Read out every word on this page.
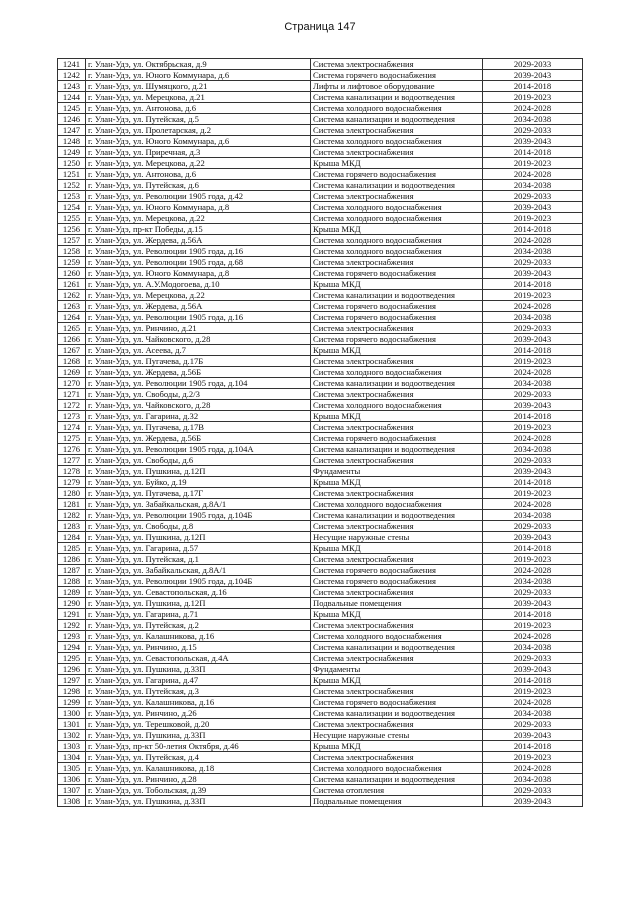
Страница 147
1241	г. Улан-Удэ, ул. Октябрьская, д.9	Система электроснабжения	2029-2033
1242	г. Улан-Удэ, ул. Юного Коммунара, д.6	Система горячего водоснабжения	2039-2043
1243	г. Улан-Удэ, ул. Шумяцкого, д.21	Лифты и лифтовое оборудование	2014-2018
1244	г. Улан-Удэ, ул. Мерецкова, д.21	Система канализации и водоотведения	2019-2023
1245	г. Улан-Удэ, ул. Антонова, д.6	Система холодного водоснабжения	2024-2028
1246	г. Улан-Удэ, ул. Путейская, д.5	Система канализации и водоотведения	2034-2038
1247	г. Улан-Удэ, ул. Пролетарская, д.2	Система электроснабжения	2029-2033
1248	г. Улан-Удэ, ул. Юного Коммунара, д.6	Система холодного водоснабжения	2039-2043
1249	г. Улан-Удэ, ул. Приречная, д.3	Система электроснабжения	2014-2018
1250	г. Улан-Удэ, ул. Мерецкова, д.22	Крыша МКД	2019-2023
1251	г. Улан-Удэ, ул. Антонова, д.6	Система горячего водоснабжения	2024-2028
1252	г. Улан-Удэ, ул. Путейская, д.6	Система канализации и водоотведения	2034-2038
1253	г. Улан-Удэ, ул. Революции 1905 года, д.42	Система электроснабжения	2029-2033
1254	г. Улан-Удэ, ул. Юного Коммунара, д.8	Система холодного водоснабжения	2039-2043
1255	г. Улан-Удэ, ул. Мерецкова, д.22	Система холодного водоснабжения	2019-2023
1256	г. Улан-Удэ, пр-кт Победы, д.15	Крыша МКД	2014-2018
1257	г. Улан-Удэ, ул. Жердева, д.56А	Система холодного водоснабжения	2024-2028
1258	г. Улан-Удэ, ул. Революции 1905 года, д.16	Система холодного водоснабжения	2034-2038
1259	г. Улан-Удэ, ул. Революции 1905 года, д.68	Система электроснабжения	2029-2033
1260	г. Улан-Удэ, ул. Юного Коммунара, д.8	Система горячего водоснабжения	2039-2043
1261	г. Улан-Удэ, ул. А.У.Модогоева, д.10	Крыша МКД	2014-2018
1262	г. Улан-Удэ, ул. Мерецкова, д.22	Система канализации и водоотведения	2019-2023
1263	г. Улан-Удэ, ул. Жердева, д.56А	Система горячего водоснабжения	2024-2028
1264	г. Улан-Удэ, ул. Революции 1905 года, д.16	Система горячего водоснабжения	2034-2038
1265	г. Улан-Удэ, ул. Ринчино, д.21	Система электроснабжения	2029-2033
1266	г. Улан-Удэ, ул. Чайковского, д.28	Система горячего водоснабжения	2039-2043
1267	г. Улан-Удэ, ул. Асеева, д.7	Крыша МКД	2014-2018
1268	г. Улан-Удэ, ул. Пугачева, д.17Б	Система электроснабжения	2019-2023
1269	г. Улан-Удэ, ул. Жердева, д.56Б	Система холодного водоснабжения	2024-2028
1270	г. Улан-Удэ, ул. Революции 1905 года, д.104	Система канализации и водоотведения	2034-2038
1271	г. Улан-Удэ, ул. Свободы, д.2/3	Система электроснабжения	2029-2033
1272	г. Улан-Удэ, ул. Чайковского, д.28	Система холодного водоснабжения	2039-2043
1273	г. Улан-Удэ, ул. Гагарина, д.32	Крыша МКД	2014-2018
1274	г. Улан-Удэ, ул. Пугачева, д.17В	Система электроснабжения	2019-2023
1275	г. Улан-Удэ, ул. Жердева, д.56Б	Система горячего водоснабжения	2024-2028
1276	г. Улан-Удэ, ул. Революции 1905 года, д.104А	Система канализации и водоотведения	2034-2038
1277	г. Улан-Удэ, ул. Свободы, д.6	Система электроснабжения	2029-2033
1278	г. Улан-Удэ, ул. Пушкина, д.12П	Фундаменты	2039-2043
1279	г. Улан-Удэ, ул. Буйко, д.19	Крыша МКД	2014-2018
1280	г. Улан-Удэ, ул. Пугачева, д.17Г	Система электроснабжения	2019-2023
1281	г. Улан-Удэ, ул. Забайкальская, д.8А/1	Система холодного водоснабжения	2024-2028
1282	г. Улан-Удэ, ул. Революции 1905 года, д.104Б	Система канализации и водоотведения	2034-2038
1283	г. Улан-Удэ, ул. Свободы, д.8	Система электроснабжения	2029-2033
1284	г. Улан-Удэ, ул. Пушкина, д.12П	Несущие наружные стены	2039-2043
1285	г. Улан-Удэ, ул. Гагарина, д.57	Крыша МКД	2014-2018
1286	г. Улан-Удэ, ул. Путейская, д.1	Система электроснабжения	2019-2023
1287	г. Улан-Удэ, ул. Забайкальская, д.8А/1	Система горячего водоснабжения	2024-2028
1288	г. Улан-Удэ, ул. Революции 1905 года, д.104Б	Система горячего водоснабжения	2034-2038
1289	г. Улан-Удэ, ул. Севастопольская, д.16	Система электроснабжения	2029-2033
1290	г. Улан-Удэ, ул. Пушкина, д.12П	Подвальные помещения	2039-2043
1291	г. Улан-Удэ, ул. Гагарина, д.71	Крыша МКД	2014-2018
1292	г. Улан-Удэ, ул. Путейская, д.2	Система электроснабжения	2019-2023
1293	г. Улан-Удэ, ул. Калашникова, д.16	Система холодного водоснабжения	2024-2028
1294	г. Улан-Удэ, ул. Ринчино, д.15	Система канализации и водоотведения	2034-2038
1295	г. Улан-Удэ, ул. Севастопольская, д.4А	Система электроснабжения	2029-2033
1296	г. Улан-Удэ, ул. Пушкина, д.33П	Фундаменты	2039-2043
1297	г. Улан-Удэ, ул. Гагарина, д.47	Крыша МКД	2014-2018
1298	г. Улан-Удэ, ул. Путейская, д.3	Система электроснабжения	2019-2023
1299	г. Улан-Удэ, ул. Калашникова, д.16	Система горячего водоснабжения	2024-2028
1300	г. Улан-Удэ, ул. Ринчино, д.26	Система канализации и водоотведения	2034-2038
1301	г. Улан-Удэ, ул. Терешковой, д.20	Система электроснабжения	2029-2033
1302	г. Улан-Удэ, ул. Пушкина, д.33П	Несущие наружные стены	2039-2043
1303	г. Улан-Удэ, пр-кт 50-летия Октября, д.46	Крыша МКД	2014-2018
1304	г. Улан-Удэ, ул. Путейская, д.4	Система электроснабжения	2019-2023
1305	г. Улан-Удэ, ул. Калашникова, д.18	Система холодного водоснабжения	2024-2028
1306	г. Улан-Удэ, ул. Ринчино, д.28	Система канализации и водоотведения	2034-2038
1307	г. Улан-Удэ, ул. Тобольская, д.39	Система отопления	2029-2033
1308	г. Улан-Удэ, ул. Пушкина, д.33П	Подвальные помещения	2039-2043
